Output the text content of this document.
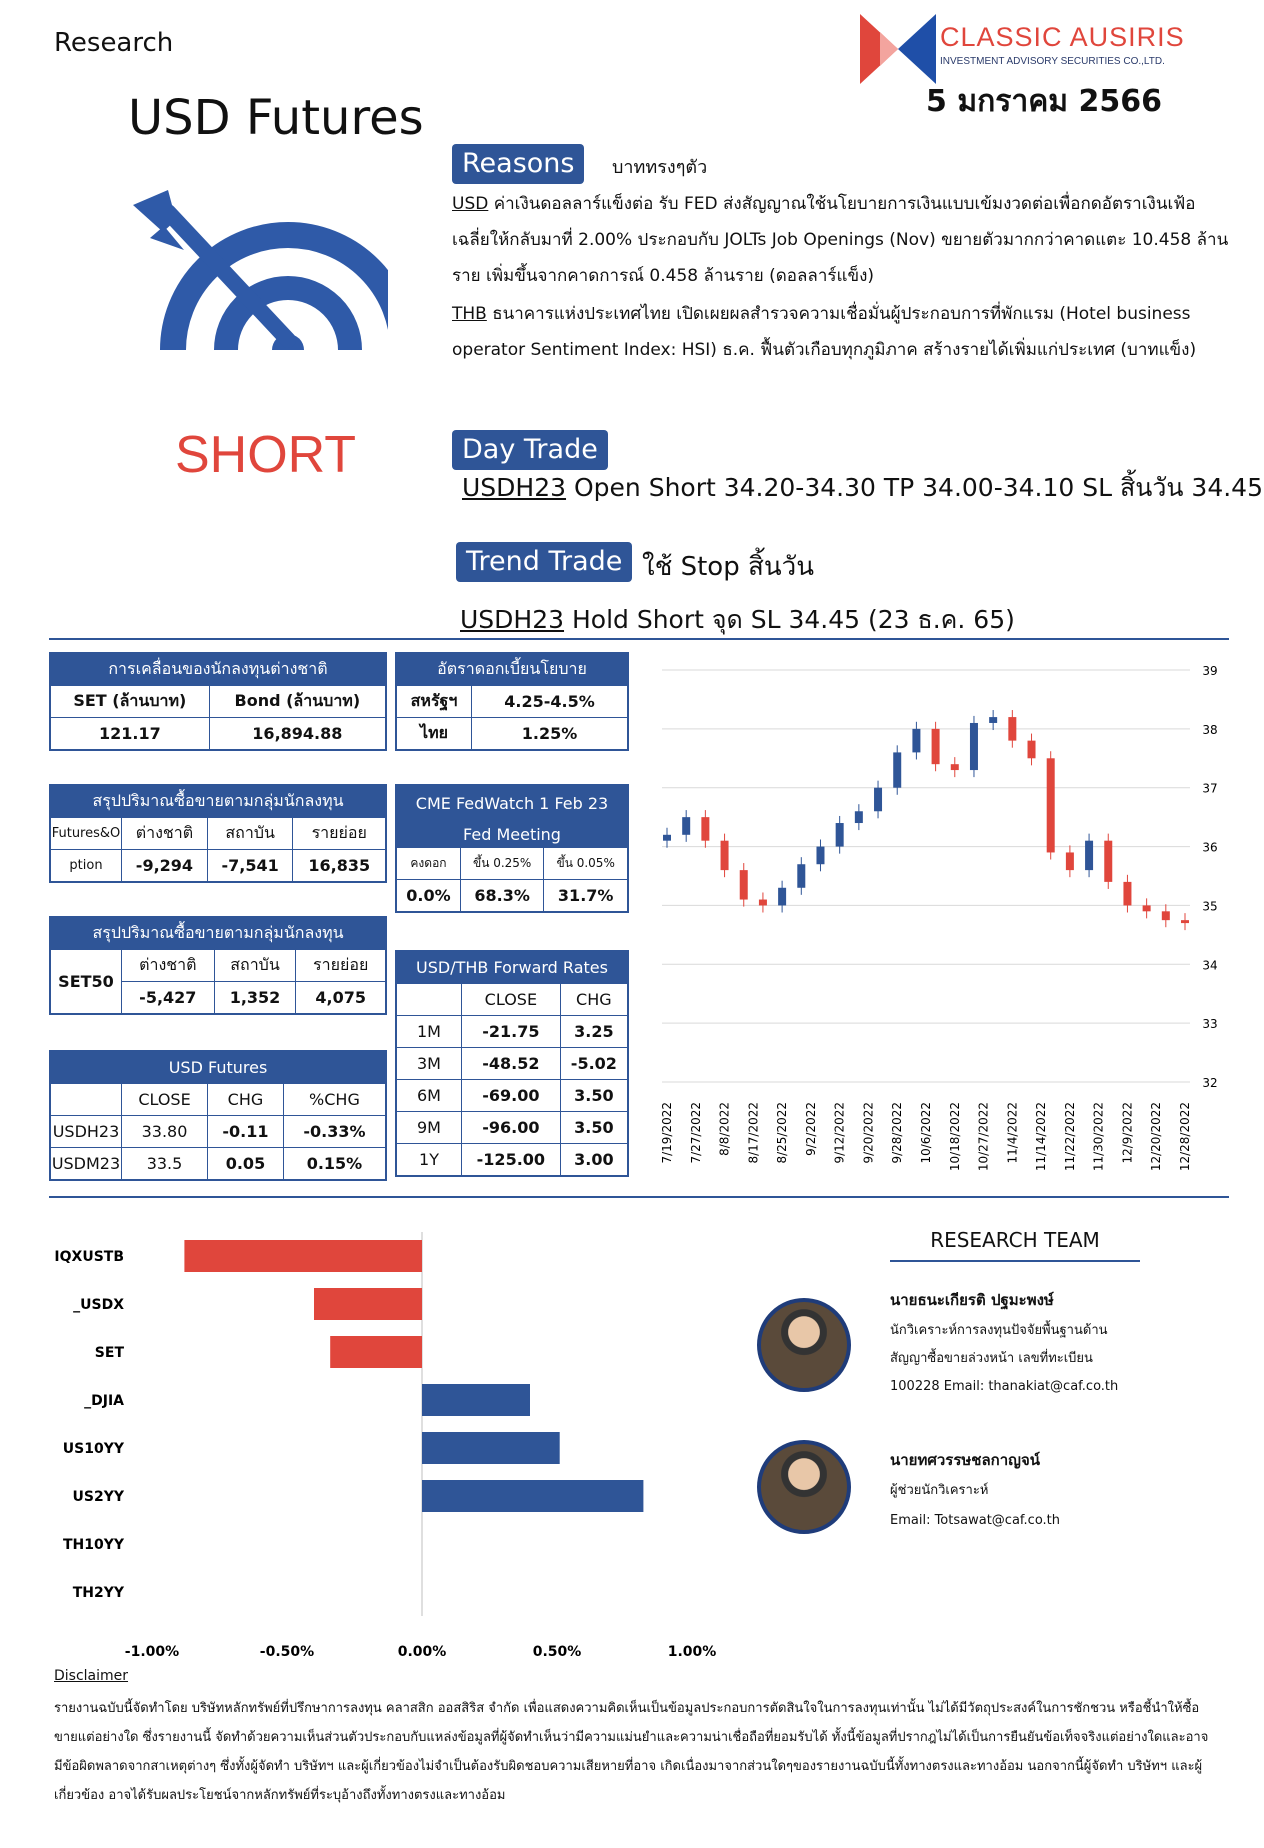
Research	CLASSIC AUSIRIS
INVESTMENT ADVISORY SECURITIES CO.,LTD.
5 มกราคม 2566
USD Futures
SHORT
Reasons	บาททรงๆตัว
USD ค่าเงินดอลลาร์แข็งต่อ รับ FED ส่งสัญญาณใช้นโยบายการเงินแบบเข้มงวดต่อเพื่อกดอัตราเงินเฟ้อเฉลี่ยให้กลับมาที่ 2.00% ประกอบกับ JOLTs Job Openings (Nov) ขยายตัวมากกว่าคาดแตะ 10.458 ล้านราย เพิ่มขึ้นจากคาดการณ์ 0.458 ล้านราย (ดอลลาร์แข็ง)
THB ธนาคารแห่งประเทศไทย เปิดเผยผลสำรวจความเชื่อมั่นผู้ประกอบการที่พักแรม (Hotel business operator Sentiment Index: HSI) ธ.ค. ฟื้นตัวเกือบทุกภูมิภาค สร้างรายได้เพิ่มแก่ประเทศ (บาทแข็ง)
Day Trade
USDH23 Open Short 34.20-34.30 TP 34.00-34.10 SL สิ้นวัน 34.45
Trend Trade ใช้ Stop สิ้นวัน
USDH23 Hold Short จุด SL 34.45 (23 ธ.ค. 65)
การเคลื่อนของนักลงทุนต่างชาติ	
SET (ล้านบาท)	Bond (ล้านบาท)
121.17	16,894.88
อัตราดอกเบี้ยนโยบาย	
สหรัฐฯ	4.25-4.5%
ไทย	1.25%
สรุปปริมาณซื้อขายตามกลุ่มนักลงทุน			
Futures&O	ต่างชาติ	สถาบัน	รายย่อย
ption	-9,294	-7,541	16,835
CME FedWatch 1 Feb 23		
Fed Meeting		
คงดอก	ขึ้น 0.25%	ขึ้น 0.05%
0.0%	68.3%	31.7%
สรุปปริมาณซื้อขายตามกลุ่มนักลงทุน			
SET50	ต่างชาติ	สถาบัน	รายย่อย
	-5,427	1,352	4,075
USD/THB Forward Rates		
	CLOSE	CHG
1M	-21.75	3.25
3M	-48.52	-5.02
6M	-69.00	3.50
9M	-96.00	3.50
1Y	-125.00	3.00
USD Futures			
	CLOSE	CHG	%CHG
USDH23	33.80	-0.11	-0.33%
USDM23	33.5	0.05	0.15%
39
38
37
36
35
34
33
32
7/19/2022 7/27/2022 8/8/2022 8/17/2022 8/25/2022 9/2/2022 9/12/2022 9/20/2022 9/28/2022 10/6/2022 10/18/2022 10/27/2022 11/4/2022 11/14/2022 11/22/2022 11/30/2022 12/9/2022 12/20/2022 12/28/2022
IQXUSTB
_USDX
SET
_DJIA
US10YY
US2YY
TH10YY
TH2YY
-1.00%	-0.50%	0.00%	0.50%	1.00%
RESEARCH TEAM
นายธนะเกียรติ ปฐมะพงษ์
นักวิเคราะห์การลงทุนปัจจัยพื้นฐานด้าน
สัญญาซื้อขายล่วงหน้า เลขที่ทะเบียน
100228 Email: thanakiat@caf.co.th
นายทศวรรษชลกาญจน์
ผู้ช่วยนักวิเคราะห์
Email: Totsawat@caf.co.th
Disclaimer
รายงานฉบับนี้จัดทำโดย บริษัทหลักทรัพย์ที่ปรึกษาการลงทุน คลาสสิก ออสสิริส จำกัด เพื่อแสดงความคิดเห็นเป็นข้อมูลประกอบการตัดสินใจในการลงทุนเท่านั้น ไม่ได้มีวัตถุประสงค์ในการชักชวน หรือชี้นำให้ซื้อขายแต่อย่างใด ซึ่งรายงานนี้ จัดทำด้วยความเห็นส่วนตัวประกอบกับแหล่งข้อมูลที่ผู้จัดทำเห็นว่ามีความแม่นยำและความน่าเชื่อถือที่ยอมรับได้ ทั้งนี้ข้อมูลที่ปรากฎไม่ได้เป็นการยืนยันข้อเท็จจริงแต่อย่างใดและอาจมีข้อผิดพลาดจากสาเหตุต่างๆ ซึ่งทั้งผู้จัดทำ บริษัทฯ และผู้เกี่ยวข้องไม่จำเป็นต้องรับผิดชอบความเสียหายที่อาจ เกิดเนื่องมาจากส่วนใดๆของรายงานฉบับนี้ทั้งทางตรงและทางอ้อม นอกจากนี้ผู้จัดทำ บริษัทฯ และผู้เกี่ยวข้อง อาจได้รับผลประโยชน์จากหลักทรัพย์ที่ระบุอ้างถึงทั้งทางตรงและทางอ้อม
